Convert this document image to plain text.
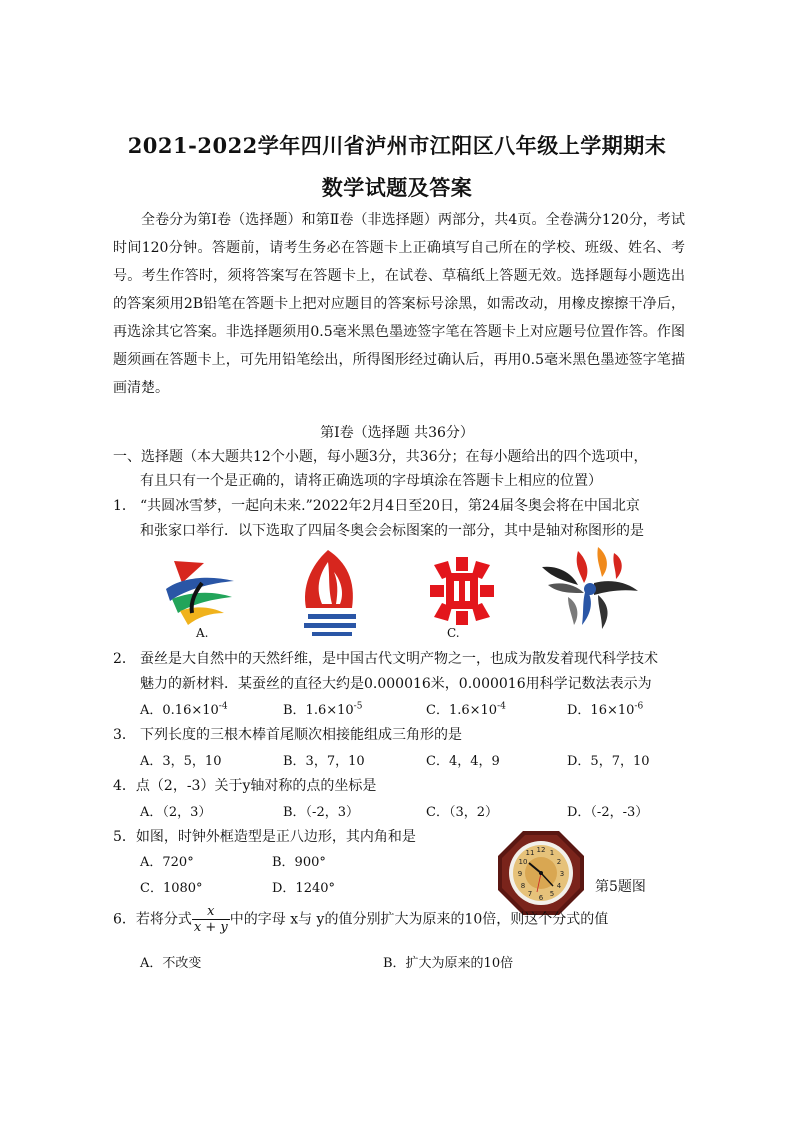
2021-2022学年四川省泸州市江阳区八年级上学期期末
数学试题及答案

全卷分为第Ⅰ卷（选择题）和第Ⅱ卷（非选择题）两部分，共4页。全卷满分120分，考试时间120分钟。答题前，请考生务必在答题卡上正确填写自己所在的学校、班级、姓名、考号。考生作答时，须将答案写在答题卡上，在试卷、草稿纸上答题无效。选择题每小题选出的答案须用2B铅笔在答题卡上把对应题目的答案标号涂黑，如需改动，用橡皮擦擦干净后，再选涂其它答案。非选择题须用0.5毫米黑色墨迹签字笔在答题卡上对应题号位置作答。作图题须画在答题卡上，可先用铅笔绘出，所得图形经过确认后，再用0.5毫米黑色墨迹签字笔描画清楚。

第Ⅰ卷（选择题 共36分）
一、选择题（本大题共12个小题，每小题3分，共36分；在每小题给出的四个选项中，
有且只有一个是正确的，请将正确选项的字母填涂在答题卡上相应的位置）
1． “共圆冰雪梦，一起向未来.”2022年2月4日至20日，第24届冬奥会将在中国北京
和张家口举行．以下选取了四届冬奥会会标图案的一部分，其中是轴对称图形的是
A.	C.
2． 蚕丝是大自然中的天然纤维，是中国古代文明产物之一，也成为散发着现代科学技术
魅力的新材料．某蚕丝的直径大约是0.000016米，0.000016用科学记数法表示为
A．$0.16\times 10^{-4}$	B．$1.6\times 10^{-5}$	C．$1.6\times 10^{-4}$	D．$16\times 10^{-6}$
3． 下列长度的三根木棒首尾顺次相接能组成三角形的是
A．3，5，10	B．3，7，10	C．4，4，9	D．5，7，10
4．点（2，-3）关于y轴对称的点的坐标是
A．（2，3）	B．（-2，3）	C．（3，2）	D．（-2，-3）
5．如图，时钟外框造型是正八边形，其内角和是
A．720°	B．900°
C．1080°	D．1240°
12
3
6
9
1
2
4
5
7
8
10
11
第5题图
6．若将分式 $\frac{x}{x + y}$ 中的字母 x与 y的值分别扩大为原来的10倍，则这个分式的值
A．不改变	B．扩大为原来的10倍
